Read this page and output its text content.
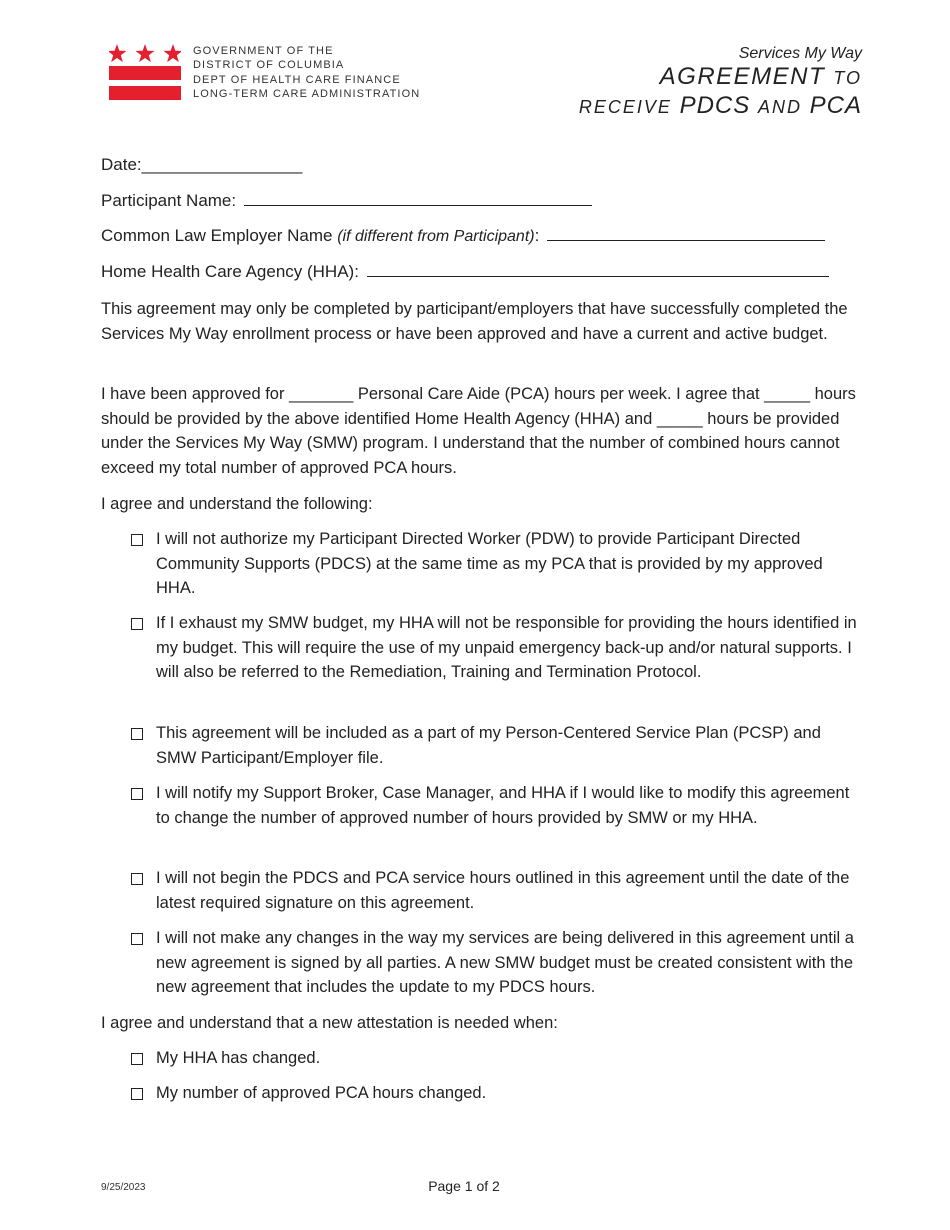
GOVERNMENT OF THE
DISTRICT OF COLUMBIA
DEPT OF HEALTH CARE FINANCE
LONG-TERM CARE ADMINISTRATION
Services My Way
AGREEMENT TO
RECEIVE PDCS AND PCA
Date: _________________
Participant Name:
Common Law Employer Name
(if different from Participant) :
Home Health Care Agency (HHA):

This agreement may only be completed by participant/employers that have successfully completed the Services My Way enrollment process or have been approved and have a current and active budget.

I have been approved for _______ Personal Care Aide (PCA) hours per week. I agree that _____ hours should be provided by the above identified Home Health Agency (HHA) and _____ hours be provided under the Services My Way (SMW) program. I understand that the number of combined hours cannot exceed my total number of approved PCA hours.

I agree and understand the following:

I will not authorize my Participant Directed Worker (PDW) to provide Participant Directed Community Supports (PDCS) at the same time as my PCA that is provided by my approved HHA.
If I exhaust my SMW budget, my HHA will not be responsible for providing the hours identified in my budget. This will require the use of my unpaid emergency back-up and/or natural supports. I will also be referred to the Remediation, Training and Termination Protocol.
This agreement will be included as a part of my Person-Centered Service Plan (PCSP) and SMW Participant/Employer file.
I will notify my Support Broker, Case Manager, and HHA if I would like to modify this agreement to change the number of approved number of hours provided by SMW or my HHA.
I will not begin the PDCS and PCA service hours outlined in this agreement until the date of the latest required signature on this agreement.
I will not make any changes in the way my services are being delivered in this agreement until a new agreement is signed by all parties. A new SMW budget must be created consistent with the new agreement that includes the update to my PDCS hours.

I agree and understand that a new attestation is needed when:

My HHA has changed.
My number of approved PCA hours changed.
9/25/2023	Page 1 of 2
